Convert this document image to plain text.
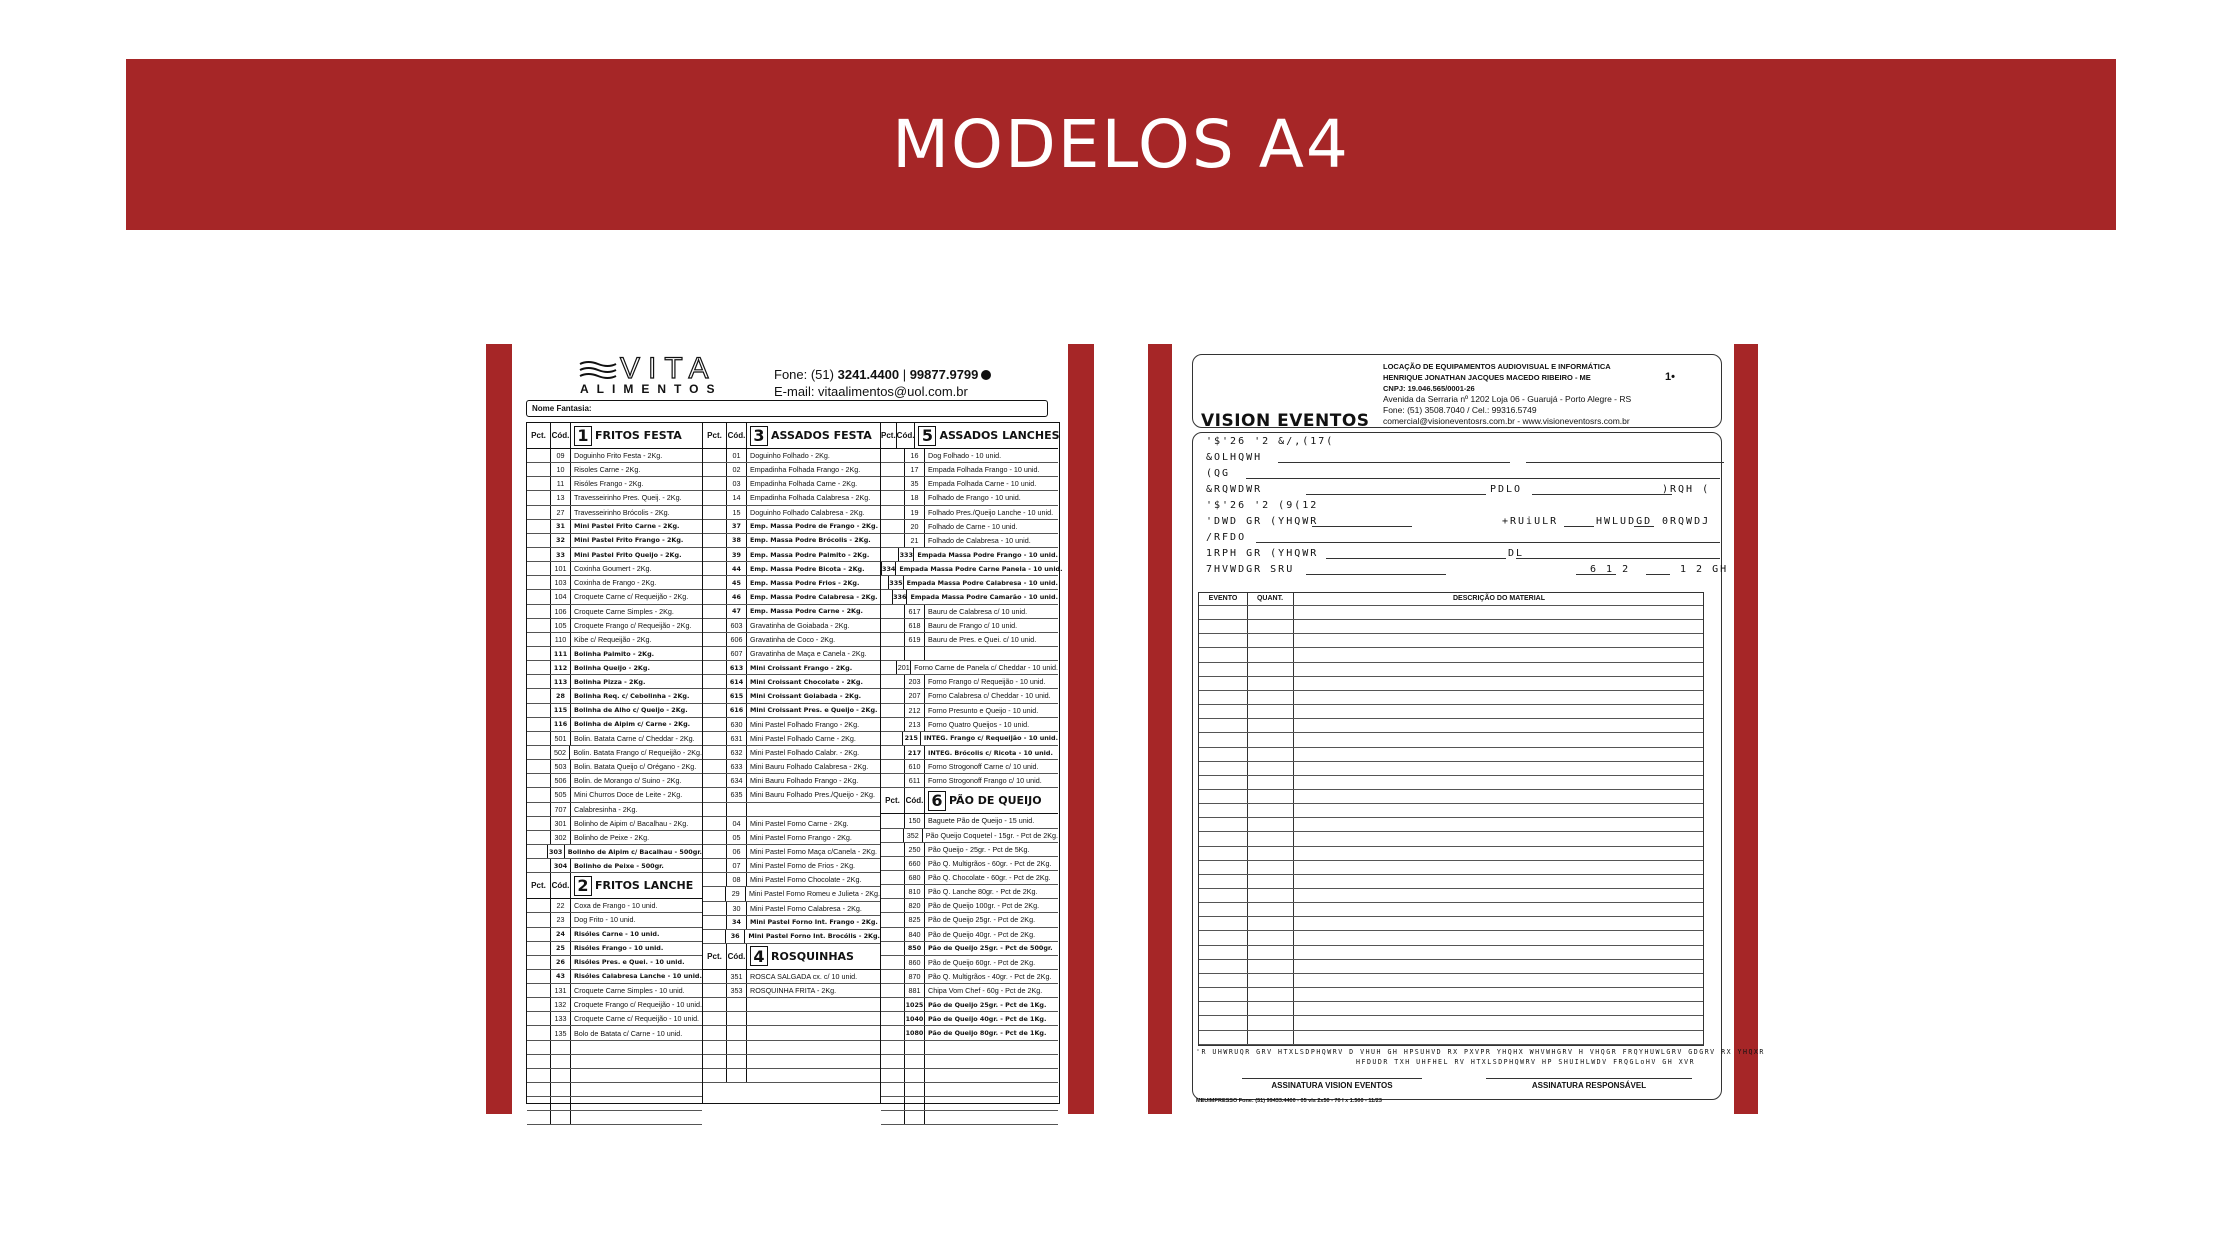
MODELOS A4
VITA
ALIMENTOS
Fone: (51) 3241.4400 | 99877.9799
E-mail: vitaalimentos@uol.com.br
Nome Fantasia:
Pct. Cód. 1 FRITOS FESTA
09	Doguinho Frito Festa - 2Kg.
10	Risoles Carne - 2Kg.
11	Risóles Frango - 2Kg.
13	Travesseirinho Pres. Queij. - 2Kg.
27	Travesseirinho Brócolis - 2Kg.
31	Mini Pastel Frito Carne - 2Kg.
32	Mini Pastel Frito Frango - 2Kg.
33	Mini Pastel Frito Queijo - 2Kg.
101	Coxinha Goumert - 2Kg.
103	Coxinha de Frango - 2Kg.
104	Croquete Carne c/ Requeijão - 2Kg.
106	Croquete Carne Simples - 2Kg.
105	Croquete Frango c/ Requeijão - 2Kg.
110	Kibe c/ Requeijão - 2Kg.
111	Bolinha Palmito - 2Kg.
112	Bolinha Queijo - 2Kg.
113	Bolinha Pizza - 2Kg.
28	Bolinha Req. c/ Cebolinha - 2Kg.
115	Bolinha de Alho c/ Queijo - 2Kg.
116	Bolinha de Aipim c/ Carne - 2Kg.
501	Bolin. Batata Carne c/ Cheddar - 2Kg.
502	Bolin. Batata Frango c/ Requeijão - 2Kg.
503	Bolin. Batata Queijo c/ Orégano - 2Kg.
506	Bolin. de Morango c/ Suino - 2Kg.
505	Mini Churros Doce de Leite - 2Kg.
707	Calabresinha - 2Kg.
301	Bolinho de Aipim c/ Bacalhau - 2Kg.
302	Bolinho de Peixe - 2Kg.
303 Bolinho de Aipim c/ Bacalhau - 500gr.
304	Bolinho de Peixe - 500gr.
Pct. Cód. 2 FRITOS LANCHE
22	Coxa de Frango - 10 unid.
23	Dog Frito - 10 unid.
24	Risóles Carne - 10 unid.
25	Risóles Frango - 10 unid.
26	Risóles Pres. e Quei. - 10 unid.
43	Risóles Calabresa Lanche - 10 unid.
131	Croquete Carne Simples - 10 unid.
132	Croquete Frango c/ Requeijão - 10 unid.
133	Croquete Carne c/ Requeijão - 10 unid.
135	Bolo de Batata c/ Carne - 10 unid.
Pct. Cód. 3 ASSADOS FESTA
01	Doguinho Folhado - 2Kg.
02	Empadinha Folhada Frango - 2Kg.
03	Empadinha Folhada Carne - 2Kg.
14	Empadinha Folhada Calabresa - 2Kg.
15	Doguinho Folhado Calabresa - 2Kg.
37	Emp. Massa Podre de Frango - 2Kg.
38	Emp. Massa Podre Brócolis - 2Kg.
39	Emp. Massa Podre Palmito - 2Kg.
44	Emp. Massa Podre Bicota - 2Kg.
45	Emp. Massa Podre Frios - 2Kg.
46	Emp. Massa Podre Calabresa - 2Kg.
47	Emp. Massa Podre Carne - 2Kg.
603	Gravatinha de Goiabada - 2Kg.
606	Gravatinha de Coco - 2Kg.
607	Gravatinha de Maça e Canela - 2Kg.
613	Mini Croissant Frango - 2Kg.
614	Mini Croissant Chocolate - 2Kg.
615	Mini Croissant Goiabada - 2Kg.
616	Mini Croissant Pres. e Queijo - 2Kg.
630	Mini Pastel Folhado Frango - 2Kg.
631	Mini Pastel Folhado Carne - 2Kg.
632	Mini Pastel Folhado Calabr. - 2Kg.
633	Mini Bauru Folhado Calabresa - 2Kg.
634	Mini Bauru Folhado Frango - 2Kg.
635	Mini Bauru Folhado Pres./Queijo - 2Kg.
04	Mini Pastel Forno Carne - 2Kg.
05	Mini Pastel Forno Frango - 2Kg.
06	Mini Pastel Forno Maça c/Canela - 2Kg.
07	Mini Pastel Forno de Frios - 2Kg.
08	Mini Pastel Forno Chocolate - 2Kg.
29	Mini Pastel Forno Romeu e Julieta - 2Kg.
30	Mini Pastel Forno Calabresa - 2Kg.
34	Mini Pastel Forno Int. Frango - 2Kg.
36	Mini Pastel Forno Int. Brocólis - 2Kg.
Pct. Cód. 4 ROSQUINHAS
351	ROSCA SALGADA cx. c/ 10 unid.
353	ROSQUINHA FRITA - 2Kg.
Pct. Cód. 5 ASSADOS LANCHES
16	Dog Folhado - 10 unid.
17	Empada Folhada Frango - 10 unid.
35	Empada Folhada Carne - 10 unid.
18	Folhado de Frango - 10 unid.
19	Folhado Pres./Queijo Lanche - 10 unid.
20	Folhado de Carne - 10 unid.
21	Folhado de Calabresa - 10 unid.
333 Empada Massa Podre Frango - 10 unid.
334 Empada Massa Podre Carne Panela - 10 unid.
335 Empada Massa Podre Calabresa - 10 unid.
336 Empada Massa Podre Camarão - 10 unid.
617	Bauru de Calabresa c/ 10 unid.
618	Bauru de Frango c/ 10 unid.
619	Bauru de Pres. e Quei. c/ 10 unid.
201 Forno Carne de Panela c/ Cheddar - 10 unid.
203	Forno Frango c/ Requeijão - 10 unid.
207	Forno Calabresa c/ Cheddar - 10 unid.
212	Forno Presunto e Queijo - 10 unid.
213	Forno Quatro Queijos - 10 unid.
215 INTEG. Frango c/ Requeijão - 10 unid.
217	INTEG. Brócolis c/ Ricota - 10 unid.
610	Forno Strogonoff Carne c/ 10 unid.
611	Forno Strogonoff Frango c/ 10 unid.
Pct. Cód. 6 PÃO DE QUEIJO
150	Baguete Pão de Queijo - 15 unid.
352 Pão Queijo Coquetel - 15gr. - Pct de 2Kg.
250	Pão Queijo - 25gr. - Pct de 5Kg.
660	Pão Q. Multigrãos - 60gr. - Pct de 2Kg.
680	Pão Q. Chocolate - 60gr. - Pct de 2Kg.
810	Pão Q. Lanche 80gr. - Pct de 2Kg.
820	Pão de Queijo 100gr. - Pct de 2Kg.
825	Pão de Queijo 25gr. - Pct de 2Kg.
840	Pão de Queijo 40gr. - Pct de 2Kg.
850	Pão de Queijo 25gr. - Pct de 500gr.
860	Pão de Queijo 60gr. - Pct de 2Kg.
870	Pão Q. Multigrãos - 40gr. - Pct de 2Kg.
881	Chipa Vom Chef - 60g - Pct de 2Kg.
1025 Pão de Queijo 25gr. - Pct de 1Kg.
1040 Pão de Queijo 40gr. - Pct de 1Kg.
1080 Pão de Queijo 80gr. - Pct de 1Kg.
VISION EVENTOS
LOCAÇÃO DE EQUIPAMENTOS AUDIOVISUAL E INFORMÁTICA
HENRIQUE JONATHAN JACQUES MACEDO RIBEIRO - ME
CNPJ: 19.046.565/0001-26
Avenida da Serraria nº 1202 Loja 06 - Guarujá - Porto Alegre - RS
Fone: (51) 3508.7040 / Cel.: 99316.5749
comercial@visioneventosrs.com.br - www.visioneventosrs.com.br
1•
'$'26 '2 &/,(17(
&OLHQWH
(QG
&RQWDWR	PDLO	)RQH (
'$'26 '2 (9(12
'DWD GR (YHQWR	+RUiULR	HWLUDGD 0RQWDJ
/RFDO
1RPH GR (YHQWR	DL
7HVWDGR SRU	6 1 2	1 2 GH
EVENTO	QUANT.	DESCRIÇÃO DO MATERIAL
'R UHWRUQR GRV HTXLSDPHQWRV D VHUH GH HPSUHVD RX PXVPR YHQHX WHVWHGRV H VHQGR FRQYHUWLGRV GDGRV RX YHQXR
HFDUDR TXH UHFHEL RV HTXLSDPHQWRV HP SHUIHLWDV FRQGLoHV GH XVR
ASSINATURA VISION EVENTOS	ASSINATURA RESPONSÁVEL
MEUIMPRESSO Fone: (51) 99433.4400 - 05 vls 2x50 - 70 l x 1.500 - 11/23
